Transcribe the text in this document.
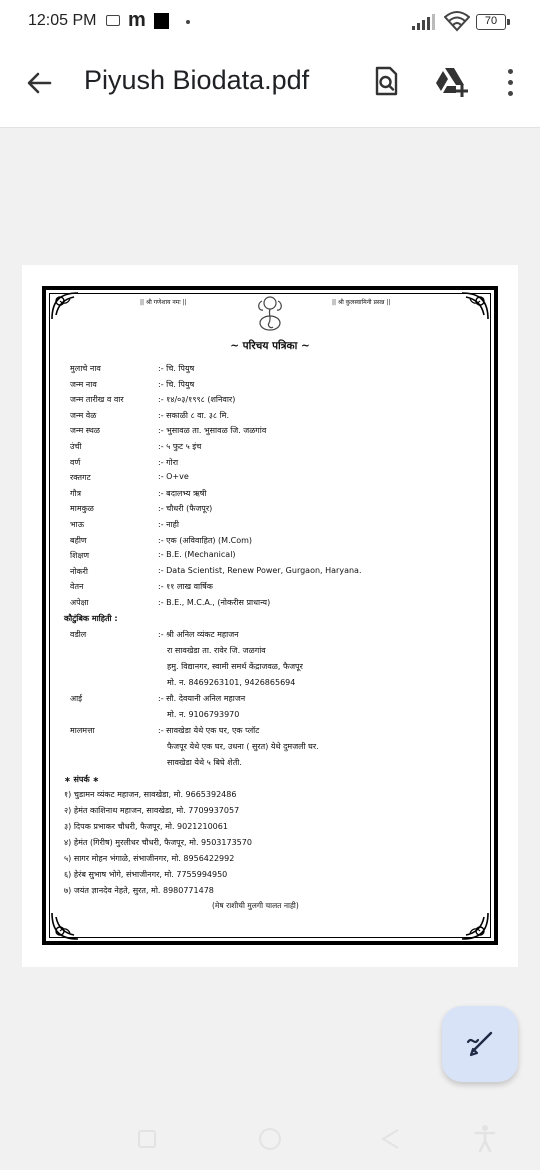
12:05 PM m	70
Piyush Biodata.pdf
|| श्री गणेशाय नमः ||	|| श्री कुलस्वामिनी प्रसन्न ||
~ परिचय पत्रिका ~
मुलाचे नाव	:- चि. पियुष
जन्म नाव	:- चि. पियुष
जन्म तारीख व वार	:- १४/०३/१९९८ (शनिवार)
जन्म वेळ	:- सकाळी ८ वा. ३८ मि.
जन्म स्थळ	:- भुसावळ ता. भुसावळ जि. जळगांव
उंची	:- ५ फुट ५ इंच
वर्ण	:- गोरा
रक्तगट	:- O+ve
गौत्र	:- बदालभ्य ऋषी
मामकुळ	:- चौधरी (फैजपूर)
भाऊ	:- नाही
बहीण	:- एक (अविवाहित) (M.Com)
शिक्षण	:- B.E. (Mechanical)
नोकरी	:- Data Scientist, Renew Power, Gurgaon, Haryana.
वेतन	:- ११ लाख वार्षिक
अपेक्षा	:- B.E., M.C.A., (नोकरीस प्राधान्य)
कौटुंबिक माहिती :
वडील	:- श्री अनिल व्यंकट महाजन
रा सावखेडा ता. रावेर जि. जळगांव
हमु. विद्यानगर, स्वामी समर्थ केंद्राजवळ, फैजपूर
मो. न. 8469263101, 9426865694
आई	:- सौ. देवयानी अनिल महाजन
मो. न. 9106793970
मालमत्ता	:- सावखेडा येथे एक घर, एक प्लॉट
फैजपूर येथे एक घर, उधना ( सुरत) येथे दुमजली घर.
सावखेडा येथे ५ बिघे शेती.
∗ संपर्क ∗
१) चुडामन व्यंकट महाजन, सावखेडा, मो. 9665392486
२) हेमंत काशिनाथ महाजन, सावखेडा, मो. 7709937057
३) दिपक प्रभाकर चौधरी, फैजपूर, मो. 9021210061
४) हेमंत (गिरीष) मुरलीधर चौधरी, फैजपूर, मो. 9503173570
५) सागर मोहन भंगाळे, संभाजीनगर, मो. 8956422992
६) हेरंब सुभाष भोगे, संभाजीनगर, मो. 7755994950
७) जयंत ज्ञानदेव नेहते, सुरत, मो. 8980771478
(मेष राशीची मुलगी चालत नाही)
